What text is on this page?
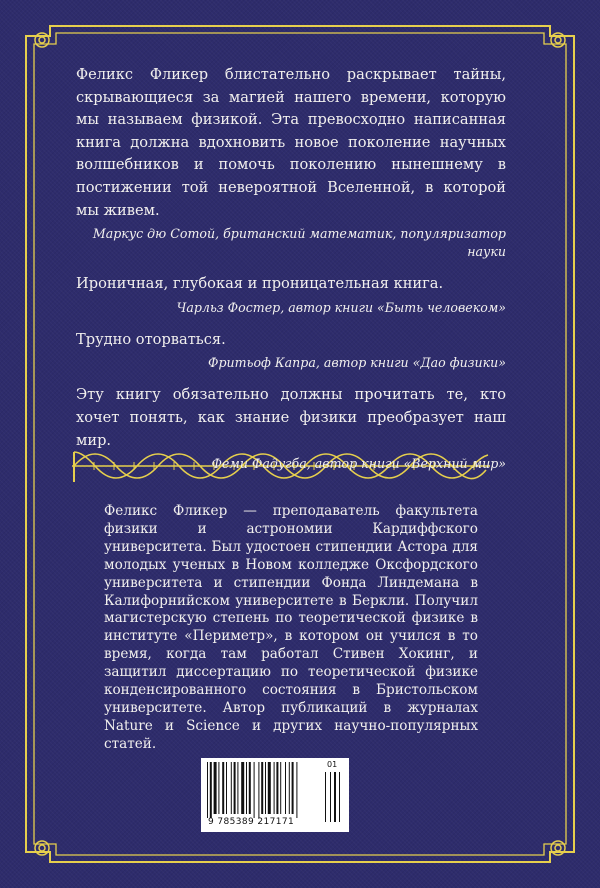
Феликс Фликер блистательно раскрывает тайны, скрывающиеся за магией нашего времени, которую мы называем физикой. Эта превосходно написанная книга должна вдохновить новое поколение научных волшебников и помочь поколению нынешнему в постижении той невероятной Вселенной, в которой мы живем.

Маркус дю Сотой, британский математик, популяризатор науки

Ироничная, глубокая и проницательная книга.

Чарльз Фостер, автор книги «Быть человеком»

Трудно оторваться.

Фритьоф Капра, автор книги «Дао физики»

Эту книгу обязательно должны прочитать те, кто хочет понять, как знание физики преобразует наш мир.

Феми Фадугба, автор книги «Верхний мир»

Феликс Фликер — преподаватель факультета физики и астрономии Кардиффского университета. Был удостоен стипендии Астора для молодых ученых в Новом колледже Оксфордского университета и стипендии Фонда Линдемана в Калифорнийском университете в Беркли. Получил магистерскую степень по теоретической физике в институте «Периметр», в котором он учился в то время, когда там работал Стивен Хокинг, и защитил диссертацию по теоретической физике конденсированного состояния в Бристольском университете. Автор публикаций в журналах Nature и Science и других научно-популярных статей.

9 785389 217171
01
